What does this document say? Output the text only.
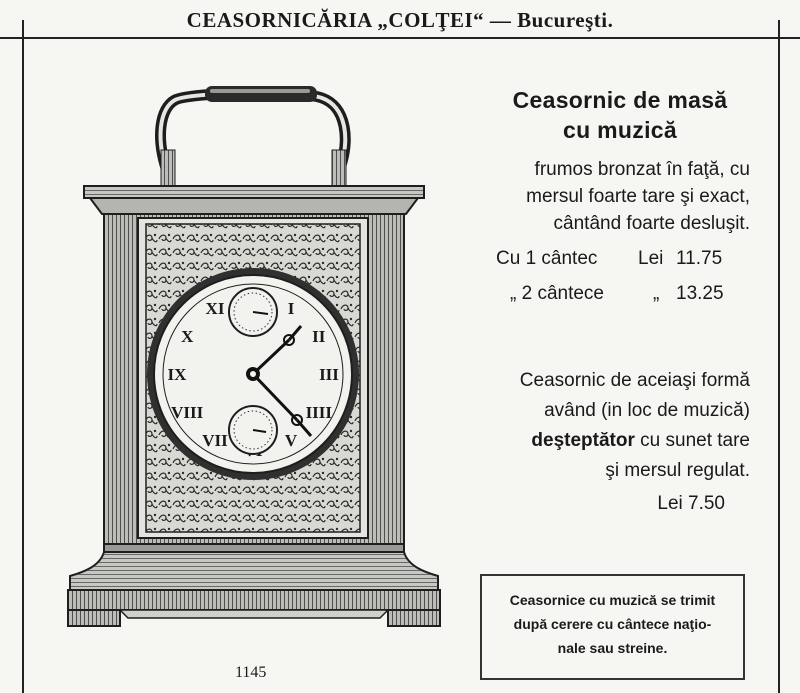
CEASORNICĂRIA „COLŢEI“ — Bucureşti.
I
II
III
IIII
V
VII
VIII
IX
X
XI
Ceasornic de masă
cu muzică
frumos bronzat în faţă, cu
mersul foarte tare şi exact,
cântând foarte desluşit.
Cu 1 cântec Lei 11.75
„ 2 cântece	„ 13.25
Ceasornic de aceiaşi formă
având (in loc de muzică)
deşteptător cu sunet tare
şi mersul regulat.
Lei 7.50
Ceasornice cu muzică se trimit
după cerere cu cântece naţio-
nale sau streine.
1145
